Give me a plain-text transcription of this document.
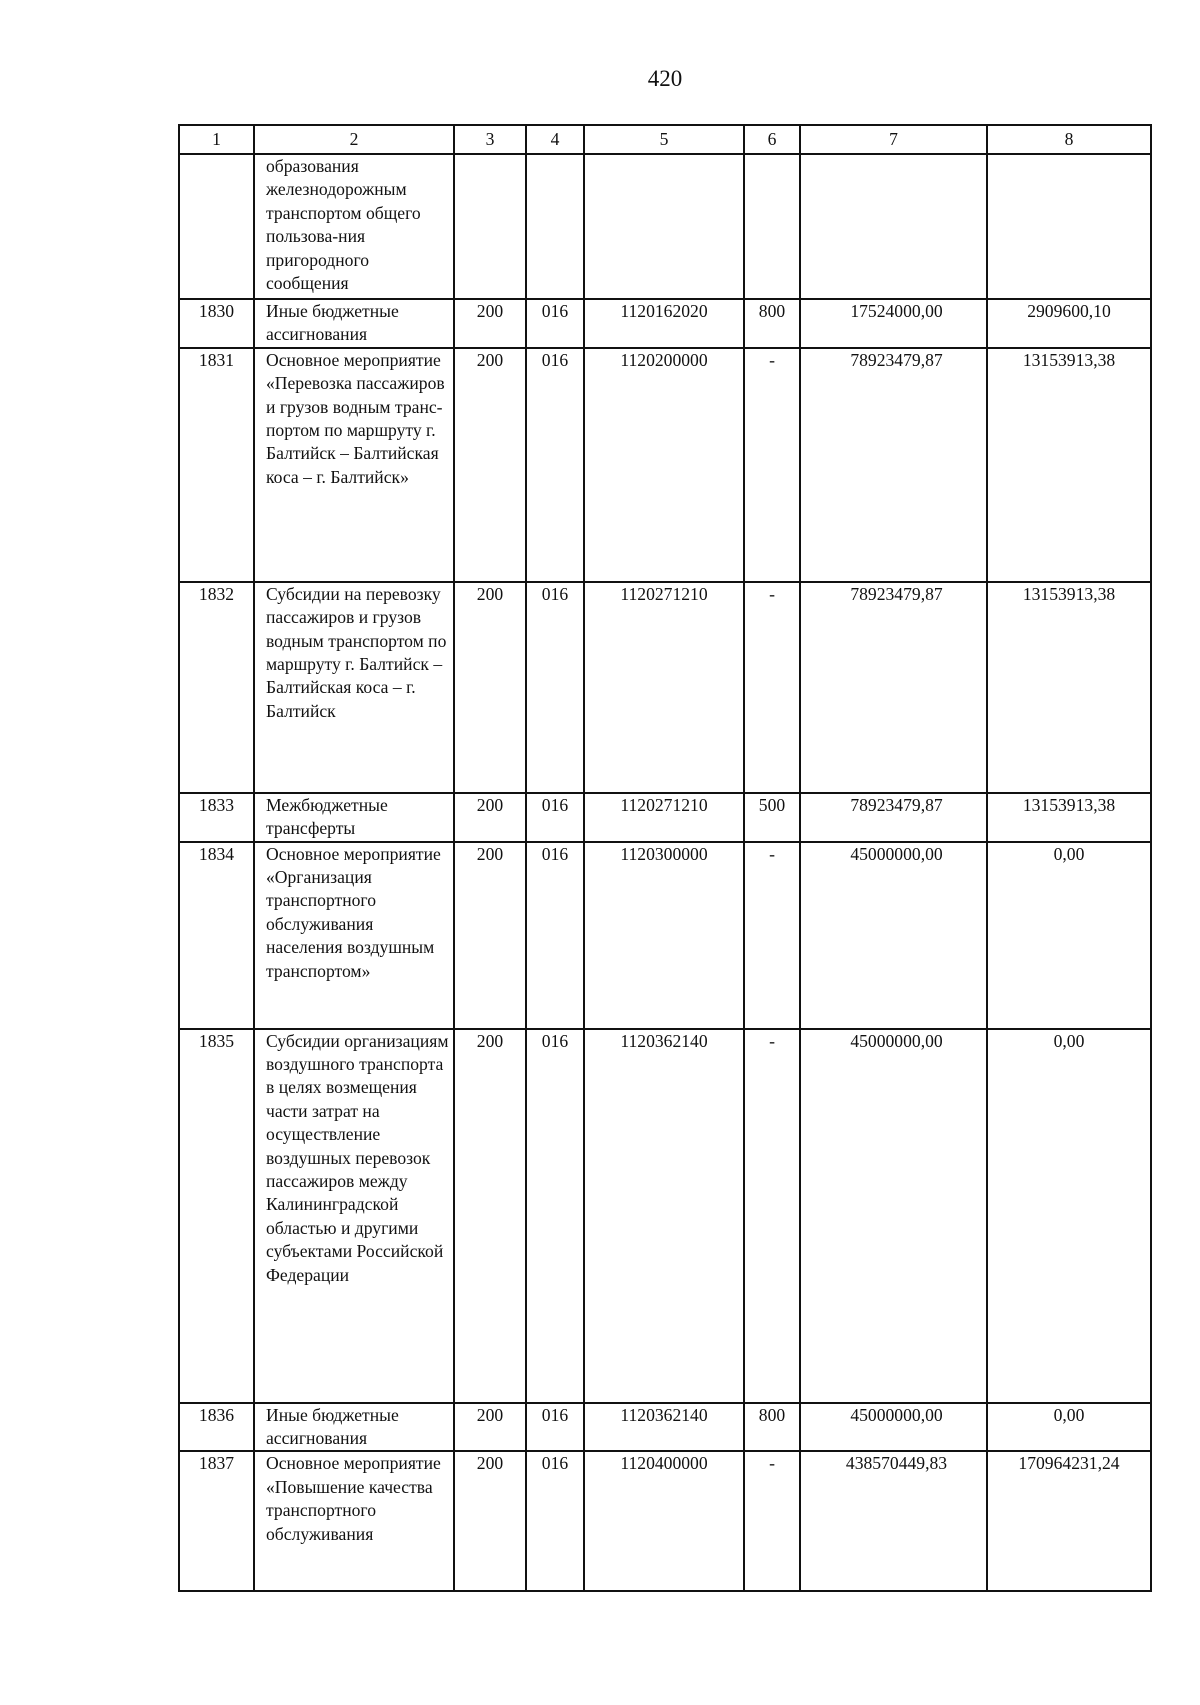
420
1	2	3	4	5	6	7	8
	образования железнодорожным транспортом общего пользова-ния пригородного сообщения						
1830	Иные бюджетные ассигнования	200	016	1120162020	800	17524000,00	2909600,10
1831	Основное мероприятие «Перевозка пассажиров и грузов водным транс-портом по маршруту г. Балтийск – Балтийская коса – г. Балтийск»	200	016	1120200000	-	78923479,87	13153913,38
1832	Субсидии на перевозку пассажиров и грузов водным транспортом по маршруту г. Балтийск – Балтийская коса – г. Балтийск	200	016	1120271210	-	78923479,87	13153913,38
1833	Межбюджетные трансферты	200	016	1120271210	500	78923479,87	13153913,38
1834	Основное мероприятие «Организация транспортного обслуживания населения воздушным транспортом»	200	016	1120300000	-	45000000,00	0,00
1835	Субсидии организациям воздушного транспорта в целях возмещения части затрат на осуществление воздушных перевозок пассажиров между Калининградской областью и другими субъектами Российской Федерации	200	016	1120362140	-	45000000,00	0,00
1836	Иные бюджетные ассигнования	200	016	1120362140	800	45000000,00	0,00
1837	Основное мероприятие «Повышение качества транспортного обслуживания	200	016	1120400000	-	438570449,83	170964231,24
